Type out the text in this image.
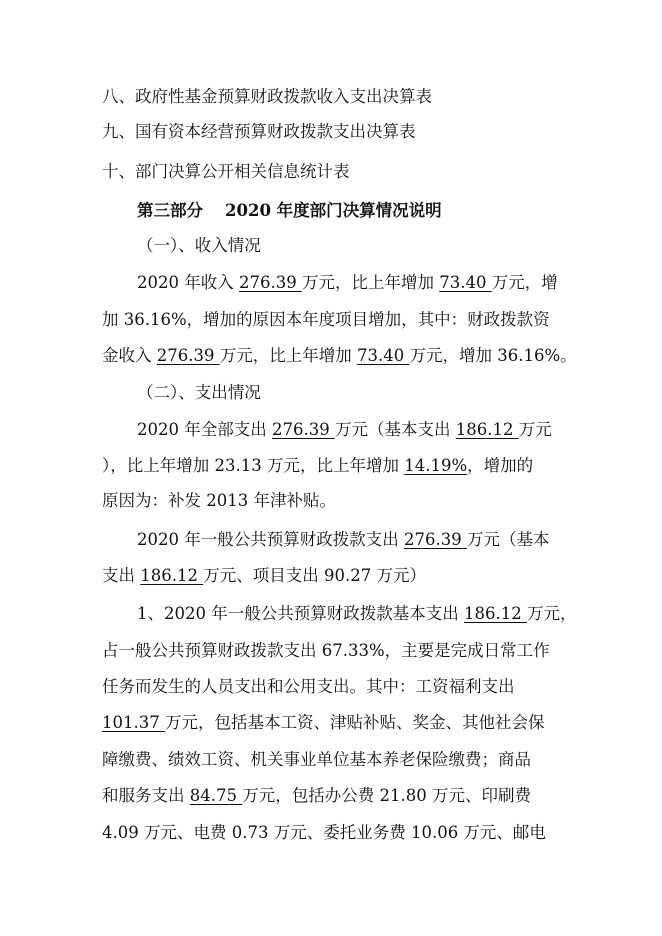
八、政府性基金预算财政拨款收入支出决算表
九、国有资本经营预算财政拨款支出决算表
十、部门决算公开相关信息统计表
第三部分 2020 年度部门决算情况说明
（一）、收入情况
2020 年收入 276.39 万元，比上年增加 73.40 万元，增
加 36.16%，增加的原因本年度项目增加，其中：财政拨款资
金收入 276.39 万元，比上年增加 73.40 万元，增加 36.16%。
（二）、支出情况
2020 年全部支出 276.39 万元（基本支出 186.12 万元
），比上年增加 23.13 万元，比上年增加 14.19%，增加的
原因为：补发 2013 年津补贴。
2020 年一般公共预算财政拨款支出 276.39 万元（基本
支出 186.12 万元、项目支出 90.27 万元）
1、2020 年一般公共预算财政拨款基本支出 186.12 万元，
占一般公共预算财政拨款支出 67.33%，主要是完成日常工作
任务而发生的人员支出和公用支出。其中：工资福利支出
101.37 万元，包括基本工资、津贴补贴、奖金、其他社会保
障缴费、绩效工资、机关事业单位基本养老保险缴费；商品
和服务支出 84.75 万元，包括办公费 21.80 万元、印刷费
4.09 万元、电费 0.73 万元、委托业务费 10.06 万元、邮电
